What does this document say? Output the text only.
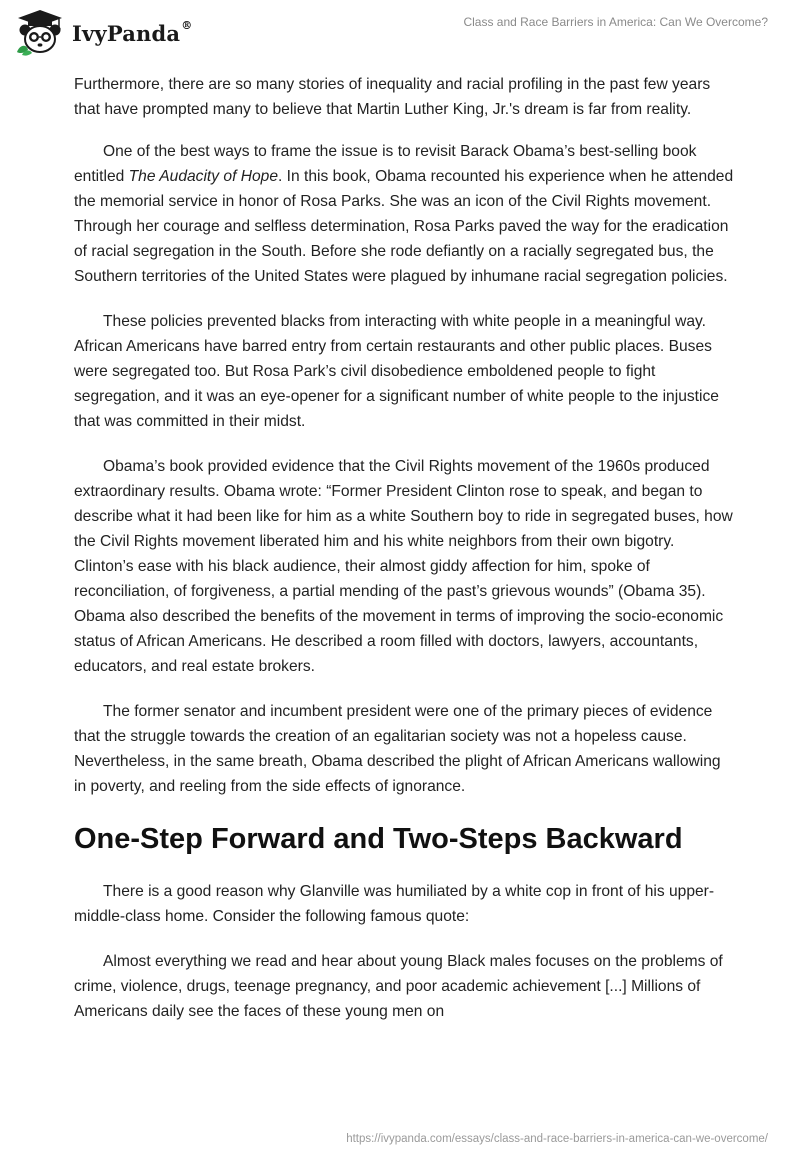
IvyPanda®	Class and Race Barriers in America: Can We Overcome?

Furthermore, there are so many stories of inequality and racial profiling in the past few years that have prompted many to believe that Martin Luther King, Jr.'s dream is far from reality.

One of the best ways to frame the issue is to revisit Barack Obama’s best-selling book entitled The Audacity of Hope. In this book, Obama recounted his experience when he attended the memorial service in honor of Rosa Parks. She was an icon of the Civil Rights movement. Through her courage and selfless determination, Rosa Parks paved the way for the eradication of racial segregation in the South. Before she rode defiantly on a racially segregated bus, the Southern territories of the United States were plagued by inhumane racial segregation policies.

These policies prevented blacks from interacting with white people in a meaningful way. African Americans have barred entry from certain restaurants and other public places. Buses were segregated too. But Rosa Park’s civil disobedience emboldened people to fight segregation, and it was an eye-opener for a significant number of white people to the injustice that was committed in their midst.

Obama’s book provided evidence that the Civil Rights movement of the 1960s produced extraordinary results. Obama wrote: “Former President Clinton rose to speak, and began to describe what it had been like for him as a white Southern boy to ride in segregated buses, how the Civil Rights movement liberated him and his white neighbors from their own bigotry. Clinton’s ease with his black audience, their almost giddy affection for him, spoke of reconciliation, of forgiveness, a partial mending of the past’s grievous wounds” (Obama 35). Obama also described the benefits of the movement in terms of improving the socio-economic status of African Americans. He described a room filled with doctors, lawyers, accountants, educators, and real estate brokers.

The former senator and incumbent president were one of the primary pieces of evidence that the struggle towards the creation of an egalitarian society was not a hopeless cause. Nevertheless, in the same breath, Obama described the plight of African Americans wallowing in poverty, and reeling from the side effects of ignorance.

One-Step Forward and Two-Steps Backward

There is a good reason why Glanville was humiliated by a white cop in front of his upper-middle-class home. Consider the following famous quote:

Almost everything we read and hear about young Black males focuses on the problems of crime, violence, drugs, teenage pregnancy, and poor academic achievement [...] Millions of Americans daily see the faces of these young men on

https://ivypanda.com/essays/class-and-race-barriers-in-america-can-we-overcome/
